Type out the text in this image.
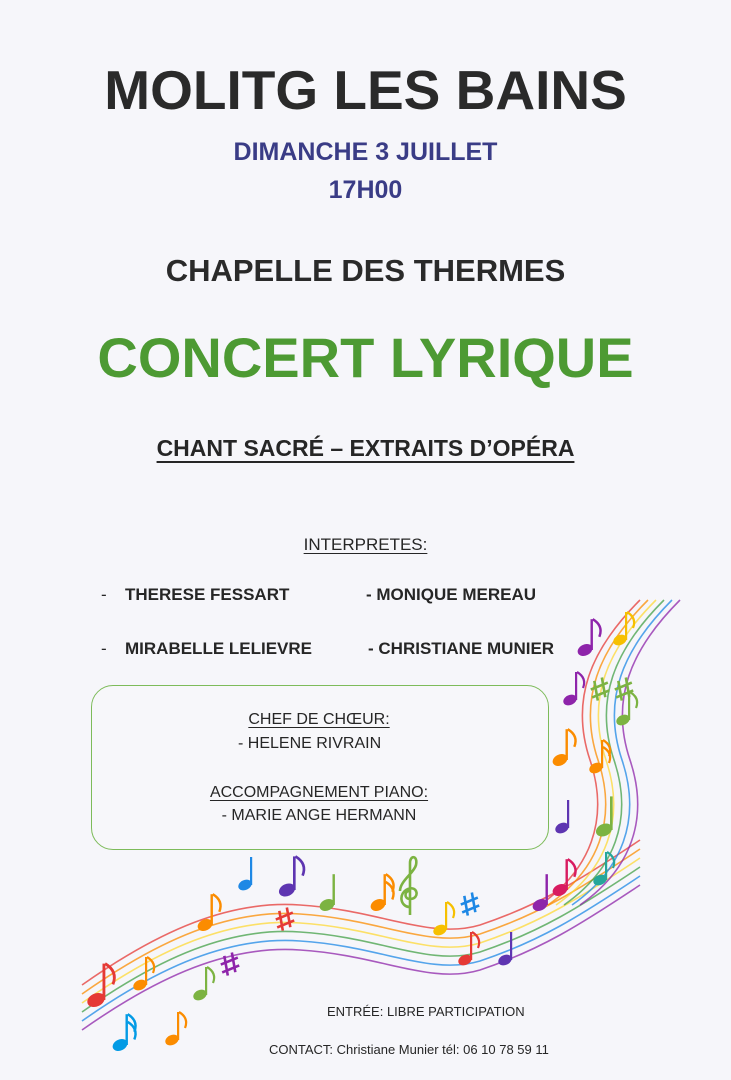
MOLITG LES BAINS
DIMANCHE 3 JUILLET
17H00
CHAPELLE DES THERMES
CONCERT LYRIQUE
CHANT SACRÉ – EXTRAITS D’OPÉRA
INTERPRETES:
- THERESE FESSART	- MONIQUE MEREAU
- MIRABELLE LELIEVRE	- CHRISTIANE MUNIER
CHEF DE CHŒUR:
- HELENE RIVRAIN
ACCOMPAGNEMENT PIANO:
- MARIE ANGE HERMANN
ENTRÉE: LIBRE PARTICIPATION
CONTACT: Christiane Munier tél: 06 10 78 59 11
